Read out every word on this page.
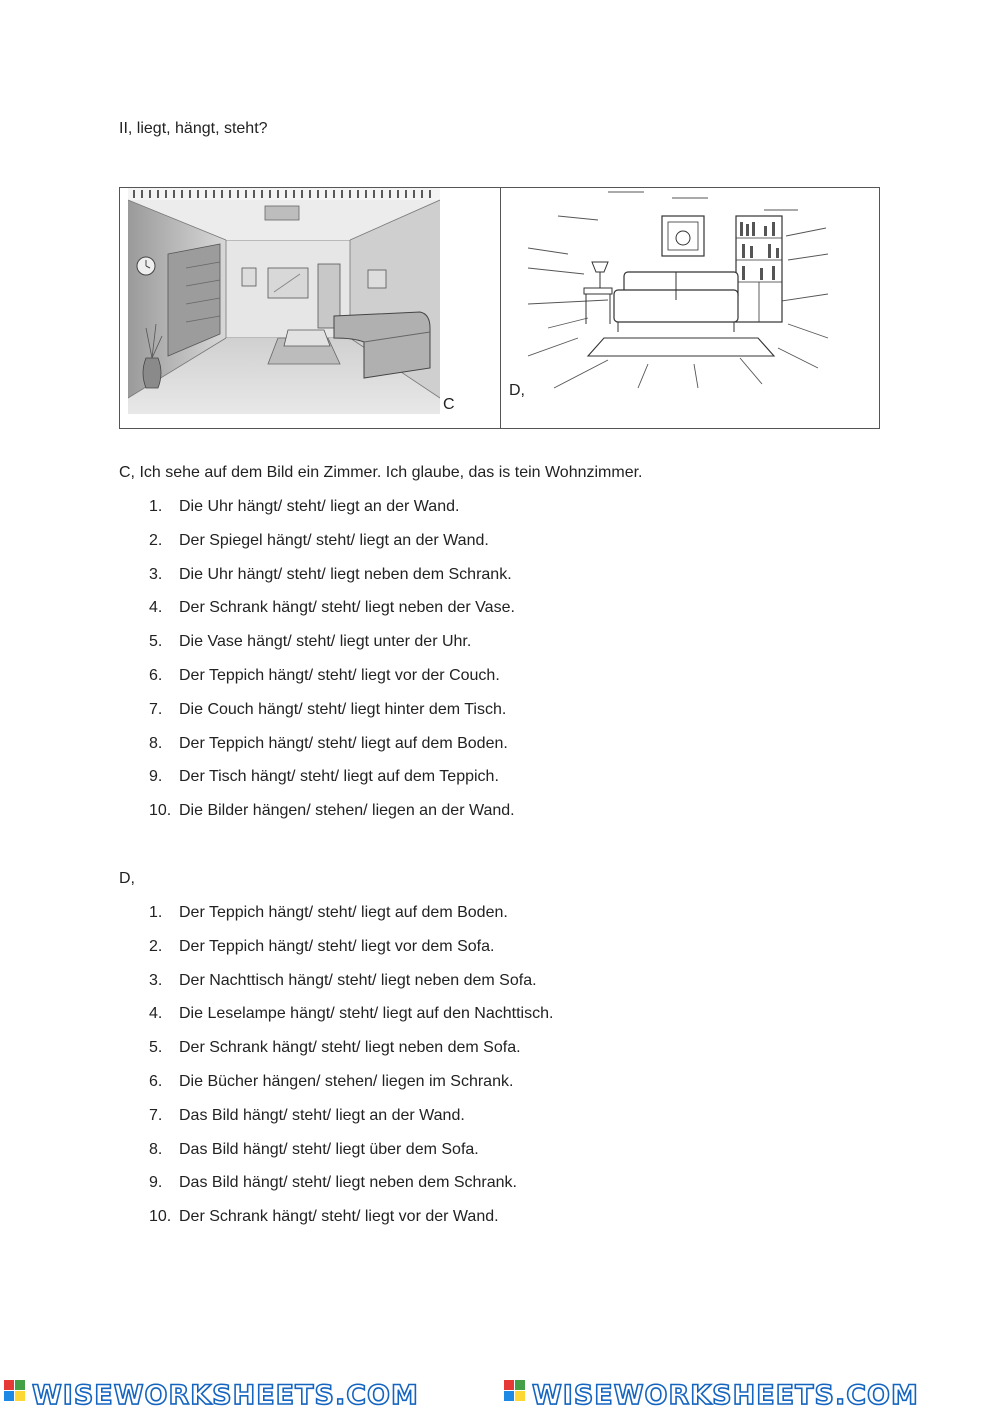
II, liegt, hängt, steht?
C
D,
C, Ich sehe auf dem Bild ein Zimmer. Ich glaube, das is tein Wohnzimmer.
1.	Die Uhr hängt/ steht/ liegt an der Wand.
2.	Der Spiegel hängt/ steht/ liegt an der Wand.
3.	Die Uhr hängt/ steht/ liegt neben dem Schrank.
4.	Der Schrank hängt/ steht/ liegt neben der Vase.
5.	Die Vase hängt/ steht/ liegt unter der Uhr.
6.	Der Teppich hängt/ steht/ liegt vor der Couch.
7.	Die Couch hängt/ steht/ liegt hinter dem Tisch.
8.	Der Teppich hängt/ steht/ liegt auf dem Boden.
9.	Der Tisch hängt/ steht/ liegt auf dem Teppich.
10. Die Bilder hängen/ stehen/ liegen an der Wand.
D,
1.	Der Teppich hängt/ steht/ liegt auf dem Boden.
2.	Der Teppich hängt/ steht/ liegt vor dem Sofa.
3.	Der Nachttisch hängt/ steht/ liegt neben dem Sofa.
4.	Die Leselampe hängt/ steht/ liegt auf den Nachttisch.
5.	Der Schrank hängt/ steht/ liegt neben dem Sofa.
6.	Die Bücher hängen/ stehen/ liegen im Schrank.
7.	Das Bild hängt/ steht/ liegt an der Wand.
8.	Das Bild hängt/ steht/ liegt über dem Sofa.
9.	Das Bild hängt/ steht/ liegt neben dem Schrank.
10. Der Schrank hängt/ steht/ liegt vor der Wand.
WISEWORKSHEETS.COM	WISEWORKSHEETS.COM
